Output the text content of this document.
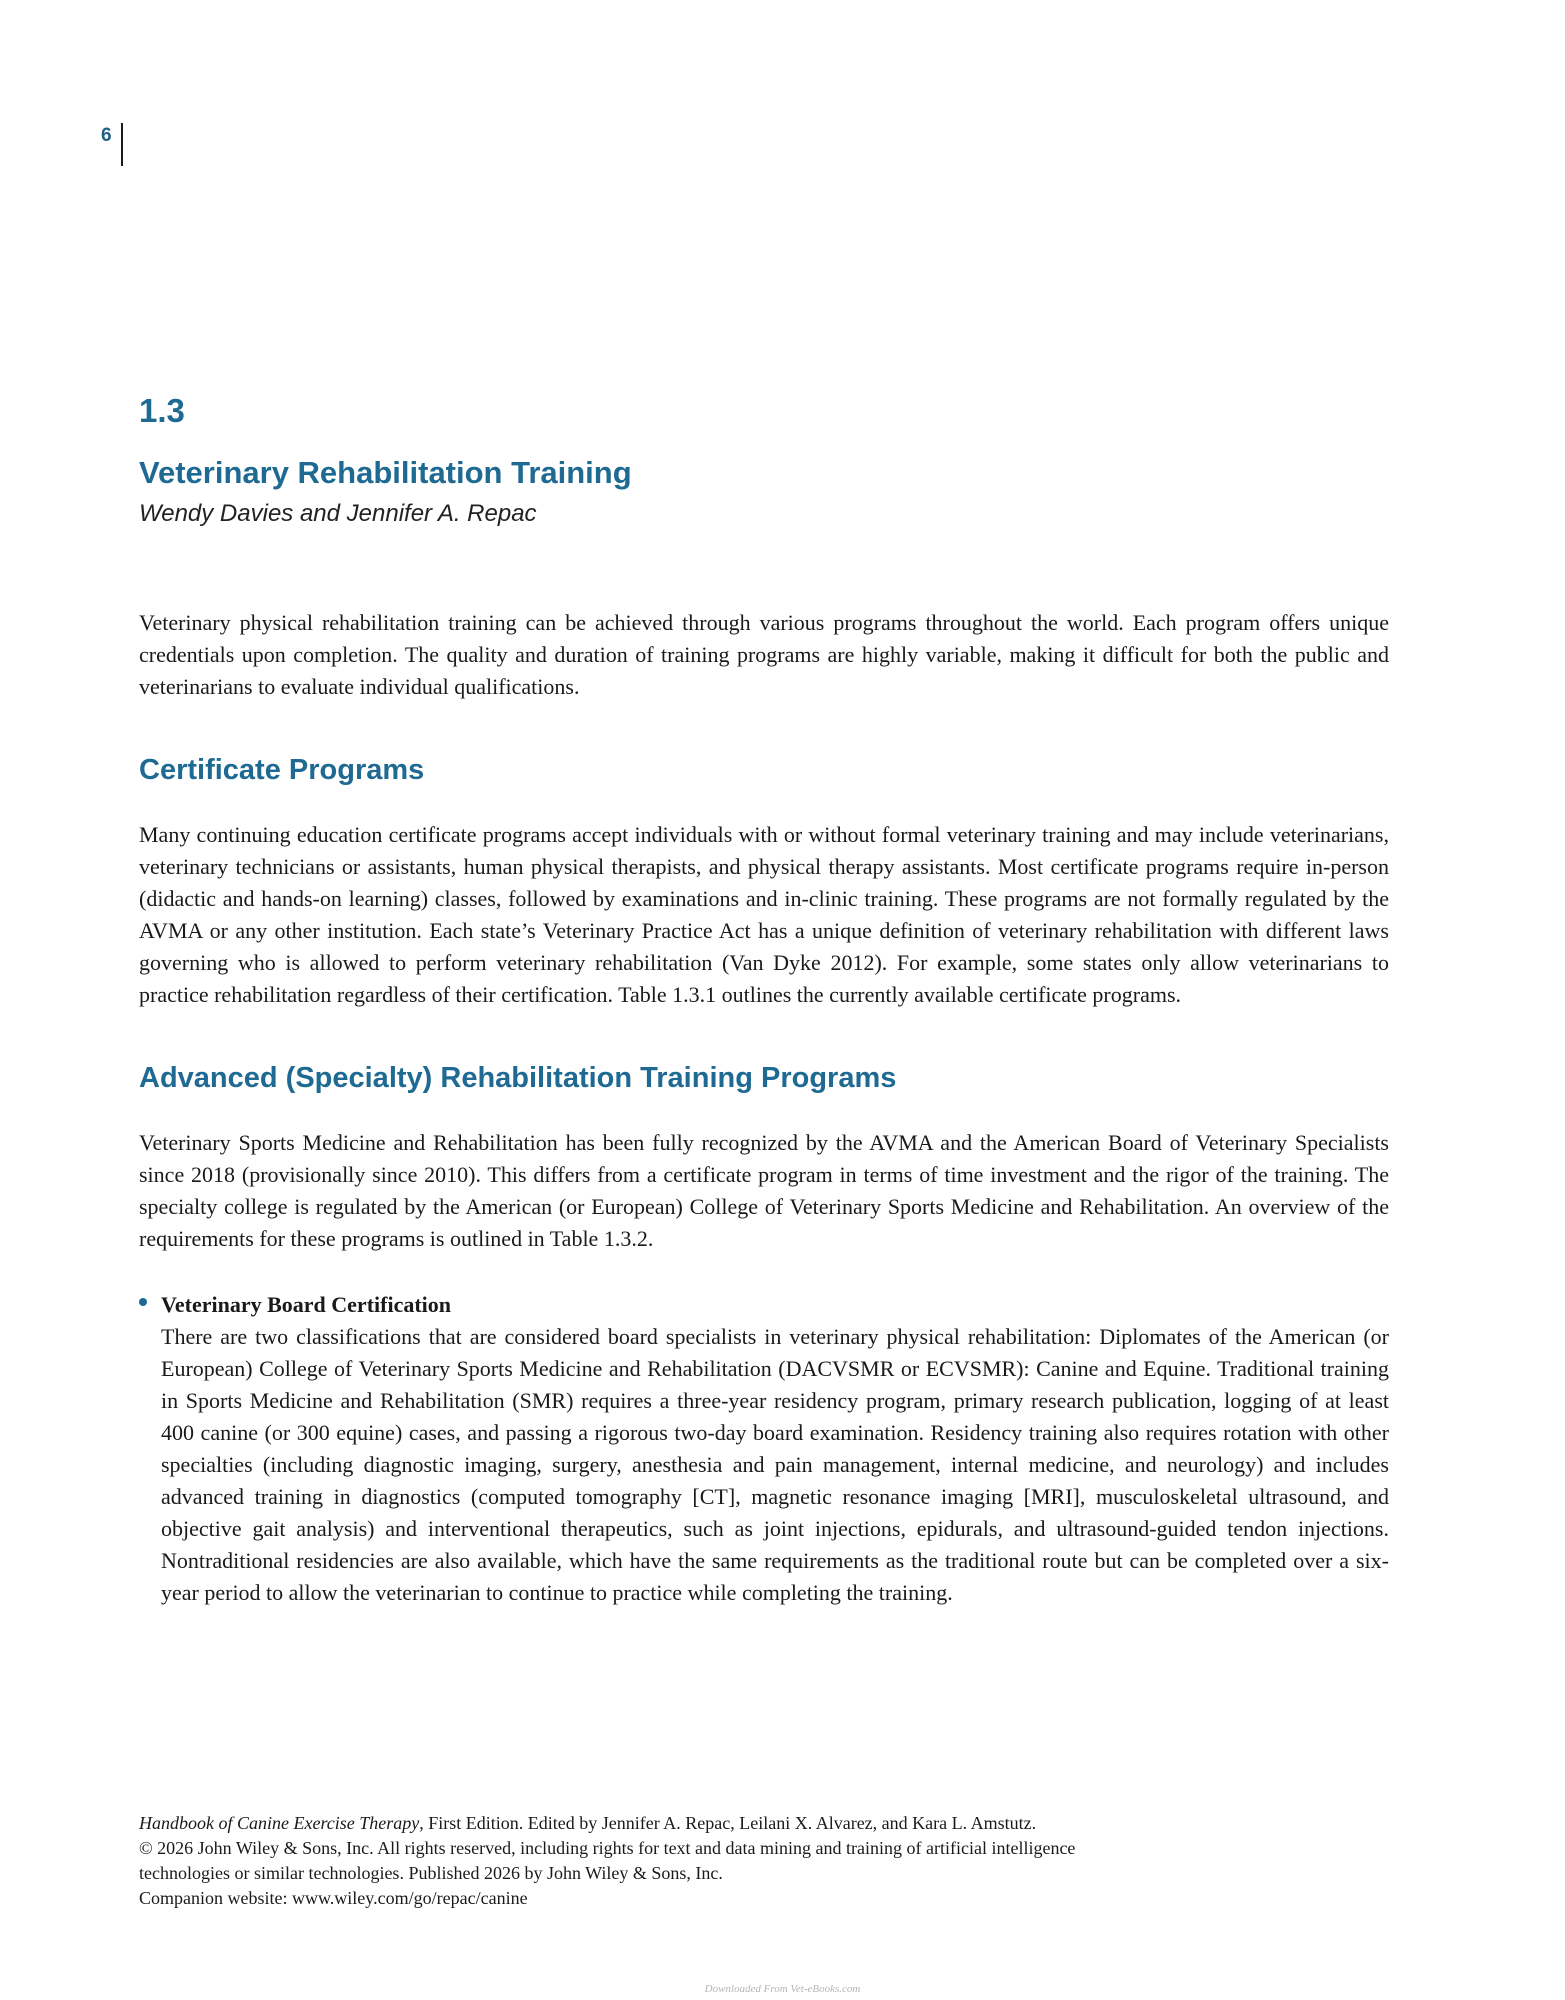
6
1.3
Veterinary Rehabilitation Training

Wendy Davies and Jennifer A. Repac

Veterinary physical rehabilitation training can be achieved through various programs throughout the world. Each program offers unique credentials upon completion. The quality and duration of training programs are highly variable, making it difficult for both the public and veterinarians to evaluate individual qualifications.

Certificate Programs

Many continuing education certificate programs accept individuals with or without formal veterinary training and may include veterinarians, veterinary technicians or assistants, human physical therapists, and physical therapy assistants. Most certificate programs require in-person (didactic and hands-on learning) classes, followed by examinations and in-clinic training. These programs are not formally regulated by the AVMA or any other institution. Each state’s Veterinary Practice Act has a unique definition of veterinary rehabilitation with different laws governing who is allowed to perform veterinary rehabilitation (Van Dyke 2012). For example, some states only allow veterinarians to practice rehabilitation regardless of their certification. Table 1.3.1 outlines the currently available certificate programs.

Advanced (Specialty) Rehabilitation Training Programs

Veterinary Sports Medicine and Rehabilitation has been fully recognized by the AVMA and the American Board of Veterinary Specialists since 2018 (provisionally since 2010). This differs from a certificate program in terms of time investment and the rigor of the training. The specialty college is regulated by the American (or European) College of Veterinary Sports Medicine and Rehabilitation. An overview of the requirements for these programs is outlined in Table 1.3.2.

Veterinary Board Certification

There are two classifications that are considered board specialists in veterinary physical rehabilitation: Diplomates of the American (or European) College of Veterinary Sports Medicine and Rehabilitation (DACVSMR or ECVSMR): Canine and Equine. Traditional training in Sports Medicine and Rehabilitation (SMR) requires a three-year residency program, primary research publication, logging of at least 400 canine (or 300 equine) cases, and passing a rigorous two-day board examination. Residency training also requires rotation with other specialties (including diagnostic imaging, surgery, anesthesia and pain management, internal medicine, and neurology) and includes advanced training in diagnostics (computed tomography [CT], magnetic resonance imaging [MRI], musculoskeletal ultrasound, and objective gait analysis) and interventional therapeutics, such as joint injections, epidurals, and ultrasound-guided tendon injections. Nontraditional residencies are also available, which have the same requirements as the traditional route but can be completed over a six-year period to allow the veterinarian to continue to practice while completing the training.

Handbook of Canine Exercise Therapy, First Edition. Edited by Jennifer A. Repac, Leilani X. Alvarez, and Kara L. Amstutz.

© 2026 John Wiley & Sons, Inc. All rights reserved, including rights for text and data mining and training of artificial intelligence

technologies or similar technologies. Published 2026 by John Wiley & Sons, Inc.

Companion website: www.wiley.com/go/repac/canine

Downloaded From Vet-eBooks.com
